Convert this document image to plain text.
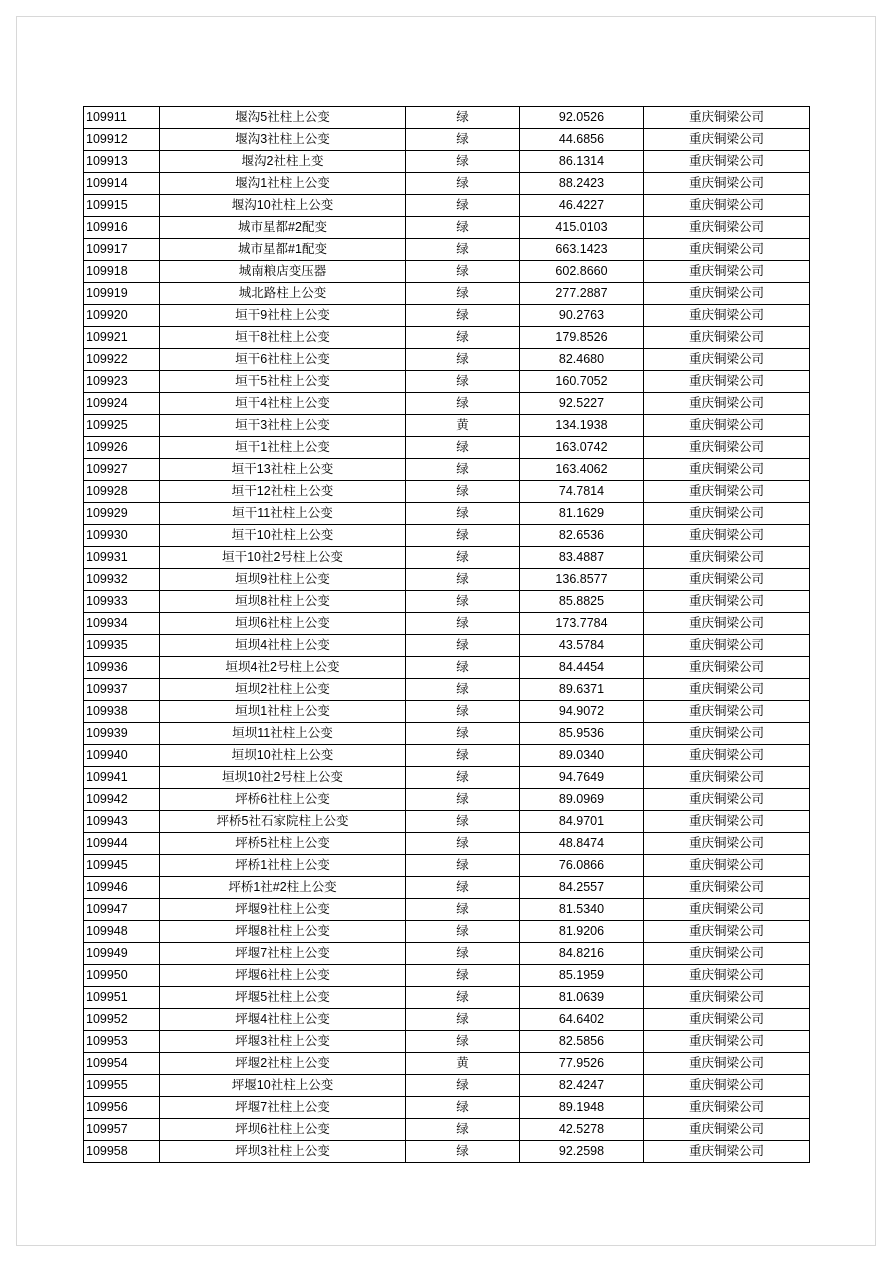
109911	堰沟5社柱上公变	绿	92.0526	重庆铜梁公司
109912	堰沟3社柱上公变	绿	44.6856	重庆铜梁公司
109913	堰沟2社柱上变	绿	86.1314	重庆铜梁公司
109914	堰沟1社柱上公变	绿	88.2423	重庆铜梁公司
109915	堰沟10社柱上公变	绿	46.4227	重庆铜梁公司
109916	城市星都#2配变	绿	415.0103	重庆铜梁公司
109917	城市星都#1配变	绿	663.1423	重庆铜梁公司
109918	城南粮店变压器	绿	602.8660	重庆铜梁公司
109919	城北路柱上公变	绿	277.2887	重庆铜梁公司
109920	垣干9社柱上公变	绿	90.2763	重庆铜梁公司
109921	垣干8社柱上公变	绿	179.8526	重庆铜梁公司
109922	垣干6社柱上公变	绿	82.4680	重庆铜梁公司
109923	垣干5社柱上公变	绿	160.7052	重庆铜梁公司
109924	垣干4社柱上公变	绿	92.5227	重庆铜梁公司
109925	垣干3社柱上公变	黄	134.1938	重庆铜梁公司
109926	垣干1社柱上公变	绿	163.0742	重庆铜梁公司
109927	垣干13社柱上公变	绿	163.4062	重庆铜梁公司
109928	垣干12社柱上公变	绿	74.7814	重庆铜梁公司
109929	垣干11社柱上公变	绿	81.1629	重庆铜梁公司
109930	垣干10社柱上公变	绿	82.6536	重庆铜梁公司
109931	垣干10社2号柱上公变	绿	83.4887	重庆铜梁公司
109932	垣坝9社柱上公变	绿	136.8577	重庆铜梁公司
109933	垣坝8社柱上公变	绿	85.8825	重庆铜梁公司
109934	垣坝6社柱上公变	绿	173.7784	重庆铜梁公司
109935	垣坝4社柱上公变	绿	43.5784	重庆铜梁公司
109936	垣坝4社2号柱上公变	绿	84.4454	重庆铜梁公司
109937	垣坝2社柱上公变	绿	89.6371	重庆铜梁公司
109938	垣坝1社柱上公变	绿	94.9072	重庆铜梁公司
109939	垣坝11社柱上公变	绿	85.9536	重庆铜梁公司
109940	垣坝10社柱上公变	绿	89.0340	重庆铜梁公司
109941	垣坝10社2号柱上公变	绿	94.7649	重庆铜梁公司
109942	坪桥6社柱上公变	绿	89.0969	重庆铜梁公司
109943	坪桥5社石家院柱上公变	绿	84.9701	重庆铜梁公司
109944	坪桥5社柱上公变	绿	48.8474	重庆铜梁公司
109945	坪桥1社柱上公变	绿	76.0866	重庆铜梁公司
109946	坪桥1社#2柱上公变	绿	84.2557	重庆铜梁公司
109947	坪堰9社柱上公变	绿	81.5340	重庆铜梁公司
109948	坪堰8社柱上公变	绿	81.9206	重庆铜梁公司
109949	坪堰7社柱上公变	绿	84.8216	重庆铜梁公司
109950	坪堰6社柱上公变	绿	85.1959	重庆铜梁公司
109951	坪堰5社柱上公变	绿	81.0639	重庆铜梁公司
109952	坪堰4社柱上公变	绿	64.6402	重庆铜梁公司
109953	坪堰3社柱上公变	绿	82.5856	重庆铜梁公司
109954	坪堰2社柱上公变	黄	77.9526	重庆铜梁公司
109955	坪堰10社柱上公变	绿	82.4247	重庆铜梁公司
109956	坪堰7社柱上公变	绿	89.1948	重庆铜梁公司
109957	坪坝6社柱上公变	绿	42.5278	重庆铜梁公司
109958	坪坝3社柱上公变	绿	92.2598	重庆铜梁公司
